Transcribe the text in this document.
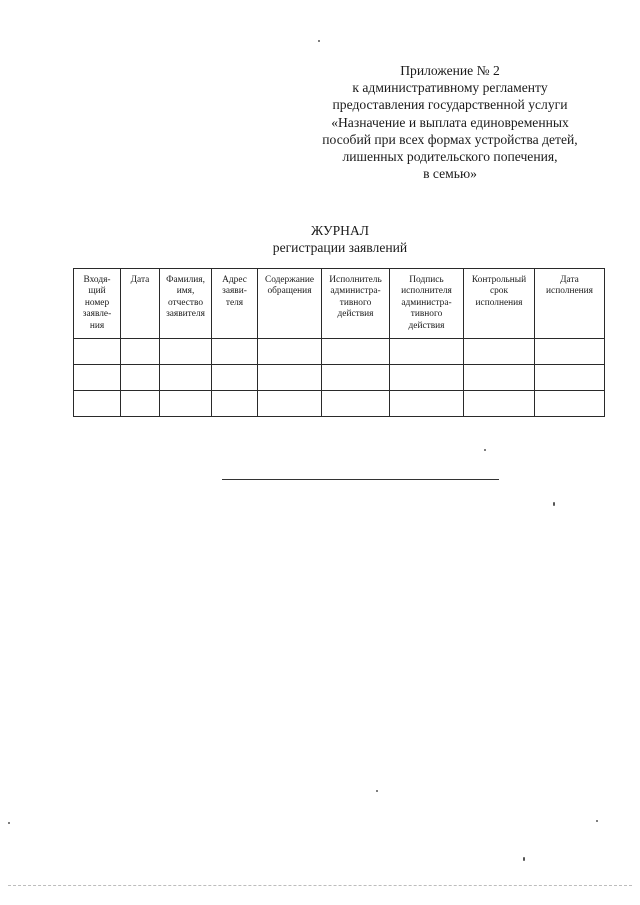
Приложение № 2
к административному регламенту
предоставления государственной услуги
«Назначение и выплата единовременных
пособий при всех формах устройства детей,
лишенных родительского попечения,
в семью»
ЖУРНАЛ
регистрации заявлений
Входя-
щий
номер
заявле-
ния	Дата	Фамилия,
имя,
отчество
заявителя	Адрес
заяви-
теля	Содержание
обращения	Исполнитель
администра-
тивного
действия	Подпись
исполнителя
администра-
тивного
действия	Контрольный
срок
исполнения	Дата
исполнения
